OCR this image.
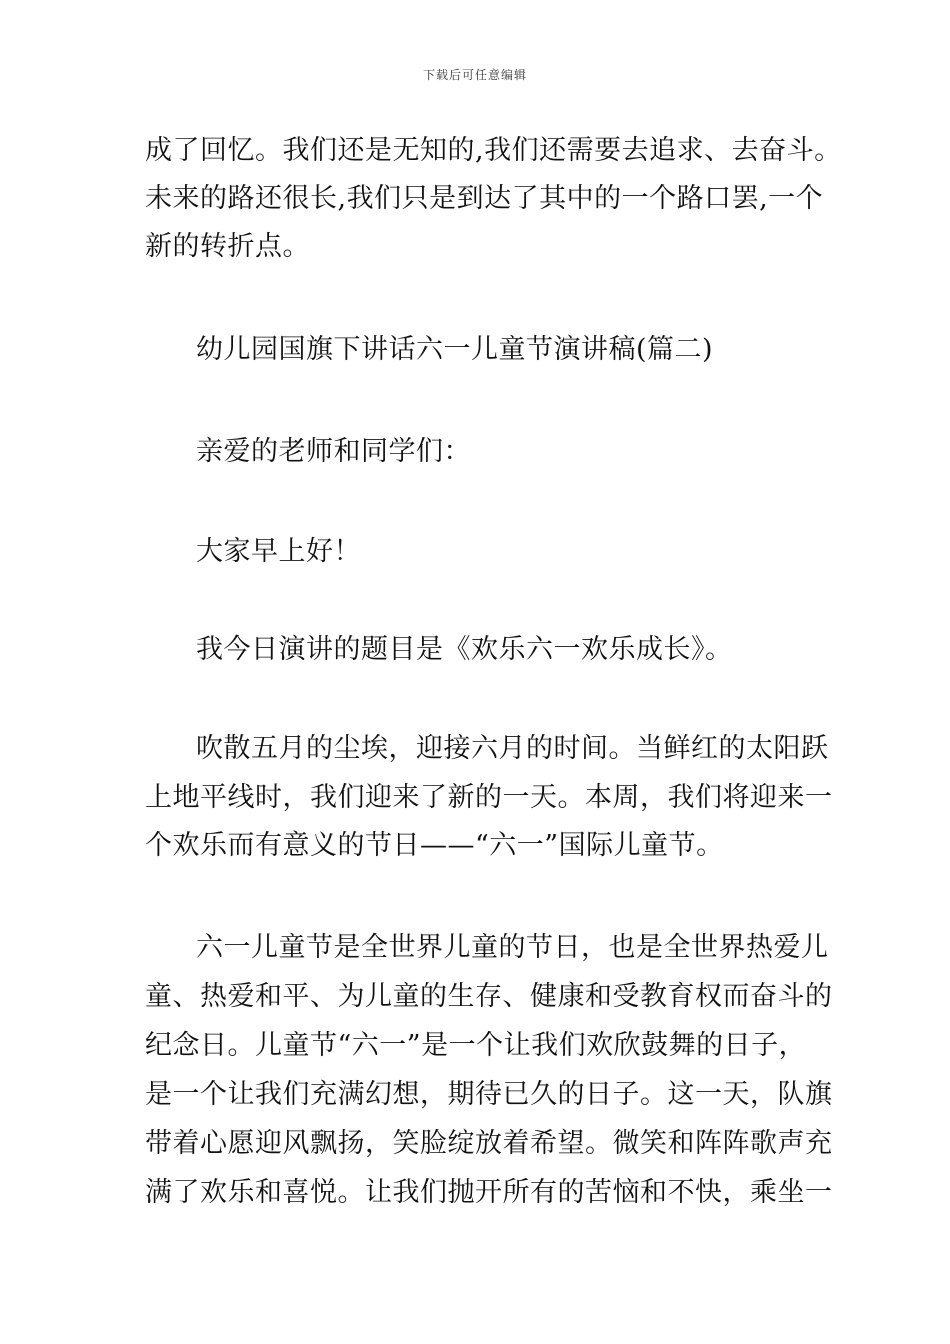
下载后可任意编辑
成了回忆。我们还是无知的,我们还需要去追求、去奋斗。
未来的路还很长,我们只是到达了其中的一个路口罢,一个
新的转折点。
幼儿园国旗下讲话六一儿童节演讲稿(篇二)
亲爱的老师和同学们：
大家早上好！
我今日演讲的题目是《欢乐六一欢乐成长》。
吹散五月的尘埃，迎接六月的时间。当鲜红的太阳跃
上地平线时，我们迎来了新的一天。本周，我们将迎来一
个欢乐而有意义的节日——“六一”国际儿童节。
六一儿童节是全世界儿童的节日，也是全世界热爱儿
童、热爱和平、为儿童的生存、健康和受教育权而奋斗的
纪念日。儿童节“六一”是一个让我们欢欣鼓舞的日子，
是一个让我们充满幻想，期待已久的日子。这一天，队旗
带着心愿迎风飘扬，笑脸绽放着希望。微笑和阵阵歌声充
满了欢乐和喜悦。让我们抛开所有的苦恼和不快，乘坐一
